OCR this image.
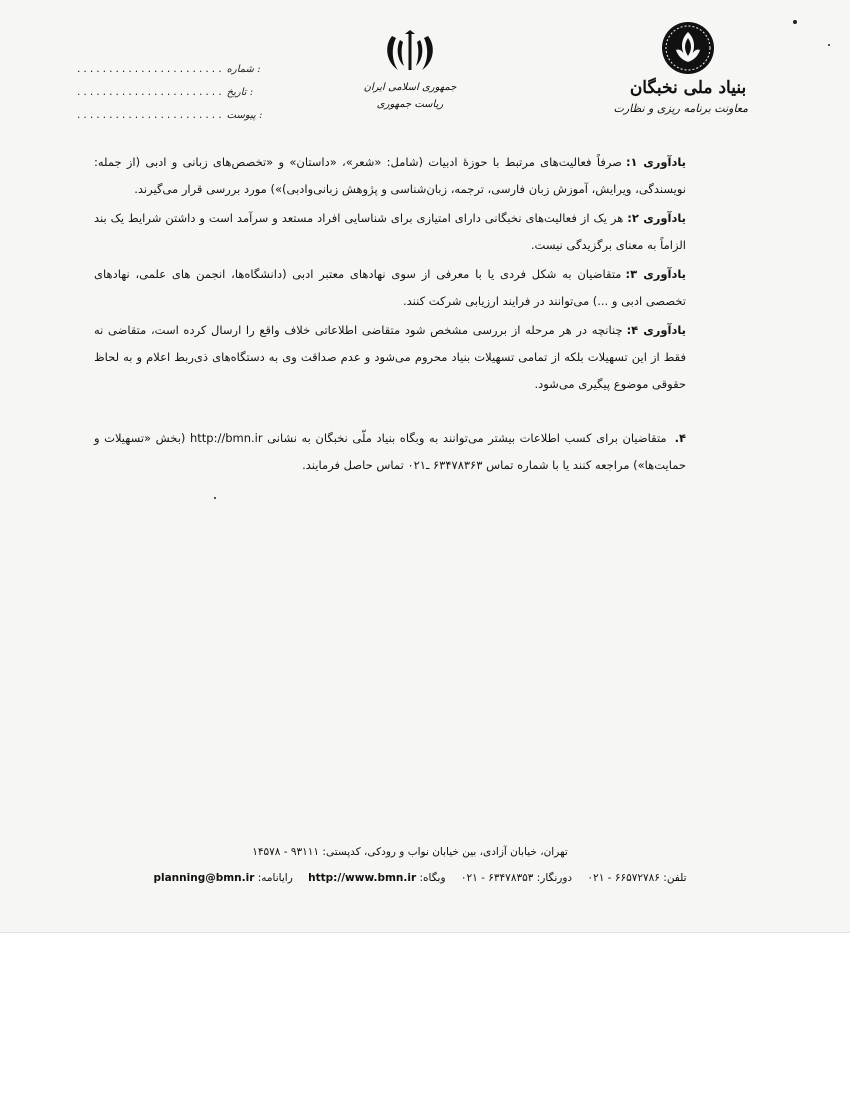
بنیاد ملی نخبگان
معاونت برنامه ریزی و نظارت
جمهوری اسلامی ایران
ریاست جمهوری
....................... شماره :
....................... تاریخ :
....................... پیوست :

یادآوری ۱:صرفاً فعالیت‌های مرتبط با حوزهٔ ادبیات (شامل: «شعر»، «داستان» و «تخصص‌های زبانی و ادبی (از جمله: نویسندگی، ویرایش، آموزش زبان فارسی، ترجمه، زبان‌شناسی و پژوهش زبانی‌وادبی)») مورد بررسی قرار می‌گیرند.

یادآوری ۲:هر یک از فعالیت‌های نخبگانی دارای امتیازی برای شناسایی افراد مستعد و سرآمد است و داشتن شرایط یک بند الزاماً به معنای برگزیدگی نیست.

یادآوری ۳:متقاضیان به شکل فردی یا با معرفی از سوی نهادهای معتبر ادبی (دانشگاه‌ها، انجمن های علمی، نهادهای تخصصی ادبی و ...) می‌توانند در فرایند ارزیابی شرکت کنند.

یادآوری ۴:چنانچه در هر مرحله از بررسی مشخص شود متقاضی اطلاعاتی خلاف واقع را ارسال کرده است، متقاضی نه فقط از این تسهیلات بلکه از تمامی تسهیلات بنیاد محروم می‌شود و عدم صداقت وی به دستگاه‌های ذی‌ربط اعلام و به لحاظ حقوقی موضوع پیگیری می‌شود.

۴.متقاضیان برای کسب اطلاعات بیشتر می‌توانند به وبگاه بنیاد ملّی نخبگان به نشانی http://bmn.ir (بخش «تسهیلات و حمایت‌ها») مراجعه کنند یا با شماره تماس ۶۳۴۷۸۳۶۳ ـ۰۲۱ تماس حاصل فرمایند.

تهران، خیابان آزادی، بین خیابان نواب و رودکی، کدپستی: ۹۳۱۱۱ - ۱۴۵۷۸
تلفن: ۶۶۵۷۲۷۸۶ - ۰۲۱ دورنگار: ۶۳۴۷۸۳۵۳ - ۰۲۱ وبگاه: http://www.bmn.ir رایانامه: planning@bmn.ir
